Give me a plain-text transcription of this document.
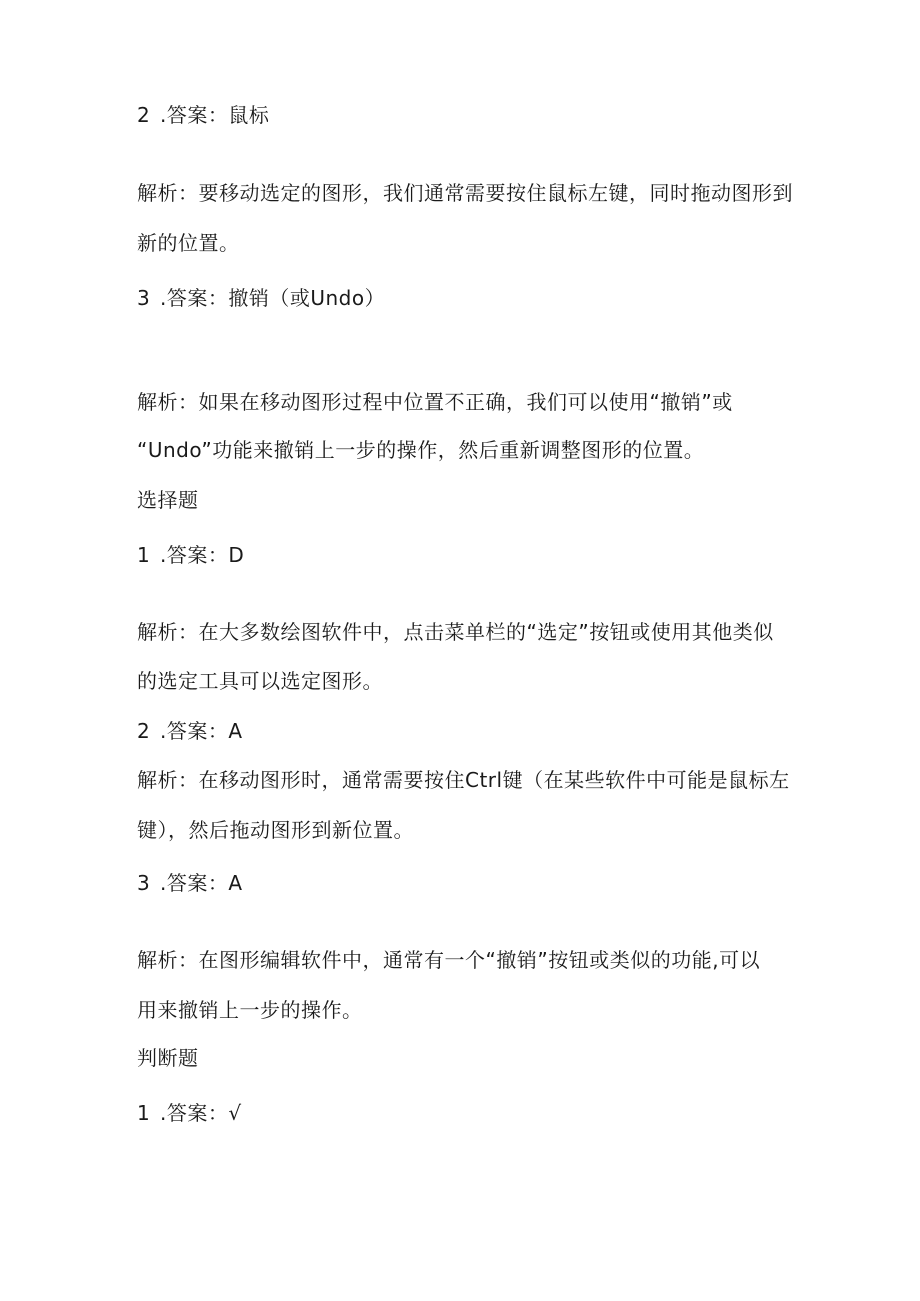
2 .答案：鼠标
解析：要移动选定的图形，我们通常需要按住鼠标左键，同时拖动图形到
新的位置。
3 .答案：撤销（或Undo）
解析：如果在移动图形过程中位置不正确，我们可以使用“撤销”或
“Undo”功能来撤销上一步的操作，然后重新调整图形的位置。
选择题
1 .答案：D
解析：在大多数绘图软件中，点击菜单栏的“选定”按钮或使用其他类似
的选定工具可以选定图形。
2 .答案：A
解析：在移动图形时，通常需要按住Ctrl键（在某些软件中可能是鼠标左
键），然后拖动图形到新位置。
3 .答案：A
解析：在图形编辑软件中，通常有一个“撤销”按钮或类似的功能,可以
用来撤销上一步的操作。
判断题
1 .答案：√
